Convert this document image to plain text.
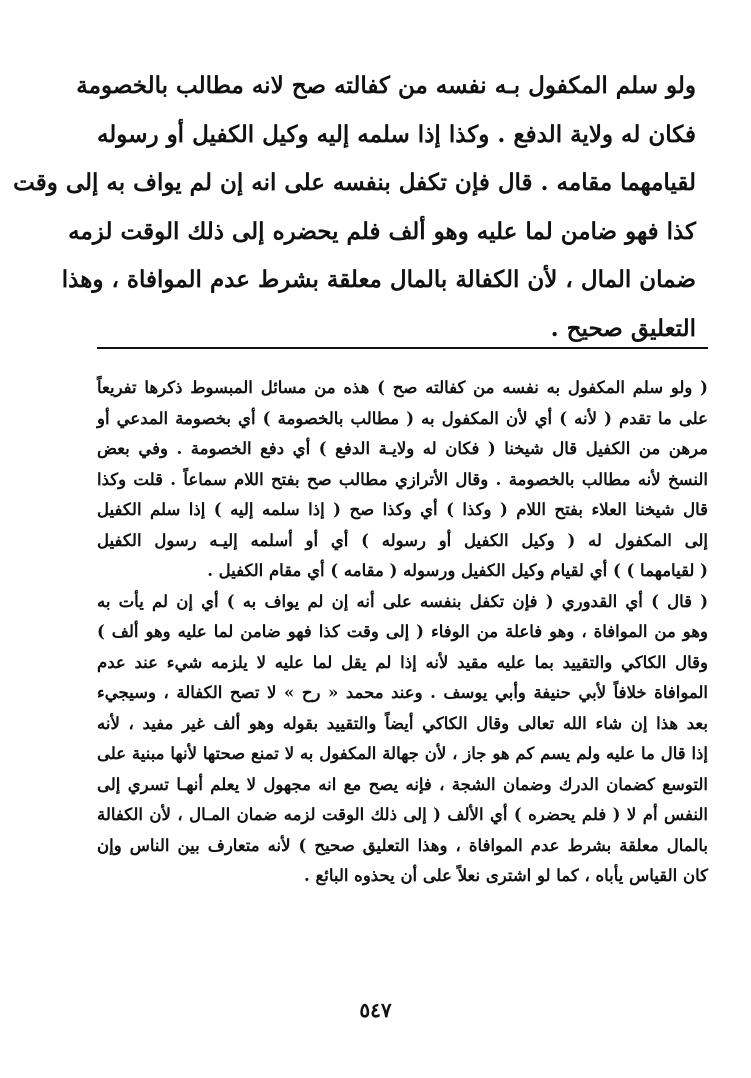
ولو سلم المكفول بـه نفسه من كفالته صح لانه مطالب بالخصومة
فكان له ولاية الدفع . وكذا إذا سلمه إليه وكيل الكفيل أو رسوله
لقيامهما مقامه . قال فإن تكفل بنفسه على انه إن لم يواف به إلى وقت
كذا فهو ضامن لما عليه وهو ألف فلم يحضره إلى ذلك الوقت لزمه
ضمان المال ، لأن الكفالة بالمال معلقة بشرط عدم الموافاة ، وهذا
التعليق صحيح .
( ولو سلم المكفول به نفسه من كفالته صح ) هذه من مسائل المبسوط ذكرها تفريعاً
على ما تقدم ( لأنه ) أي لأن المكفول به ( مطالب بالخصومة ) أي بخصومة المدعي أو
مرهن من الكفيل قال شيخنا ( فكان له ولايـة الدفع ) أي دفع الخصومة . وفي بعض
النسخ لأنه مطالب بالخصومة . وقال الأترازي مطالب صح بفتح اللام سماعاً . قلت وكذا
قال شيخنا العلاء بفتح اللام ( وكذا ) أي وكذا صح ( إذا سلمه إليه ) إذا سلم الكفيل
إلى المكفول له ( وكيل الكفيل أو رسوله ) أي أو أسلمه إليـه رسول الكفيل
( لقيامهما ) ) أي لقيام وكيل الكفيل ورسوله ( مقامه ) أي مقام الكفيل .
( قال ) أي القدوري ( فإن تكفل بنفسه على أنه إن لم يواف به ) أي إن لم يأت به
وهو من الموافاة ، وهو فاعلة من الوفاء ( إلى وقت كذا فهو ضامن لما عليه وهو ألف )
وقال الكاكي والتقييد بما عليه مقيد لأنه إذا لم يقل لما عليه لا يلزمه شيء عند عدم
الموافاة خلافاً لأبي حنيفة وأبي يوسف . وعند محمد « رح » لا تصح الكفالة ، وسيجيء
بعد هذا إن شاء الله تعالى وقال الكاكي أيضاً والتقييد بقوله وهو ألف غير مفيد ، لأنه
إذا قال ما عليه ولم يسم كم هو جاز ، لأن جهالة المكفول به لا تمنع صحتها لأنها مبنية على
التوسع كضمان الدرك وضمان الشجة ، فإنه يصح مع انه مجهول لا يعلم أنهـا تسري إلى
النفس أم لا ( فلم يحضره ) أي الألف ( إلى ذلك الوقت لزمه ضمان المـال ، لأن الكفالة
بالمال معلقة بشرط عدم الموافاة ، وهذا التعليق صحيح ) لأنه متعارف بين الناس وإن
كان القياس يأباه ، كما لو اشترى نعلاً على أن يحذوه البائع .
٥٤٧
